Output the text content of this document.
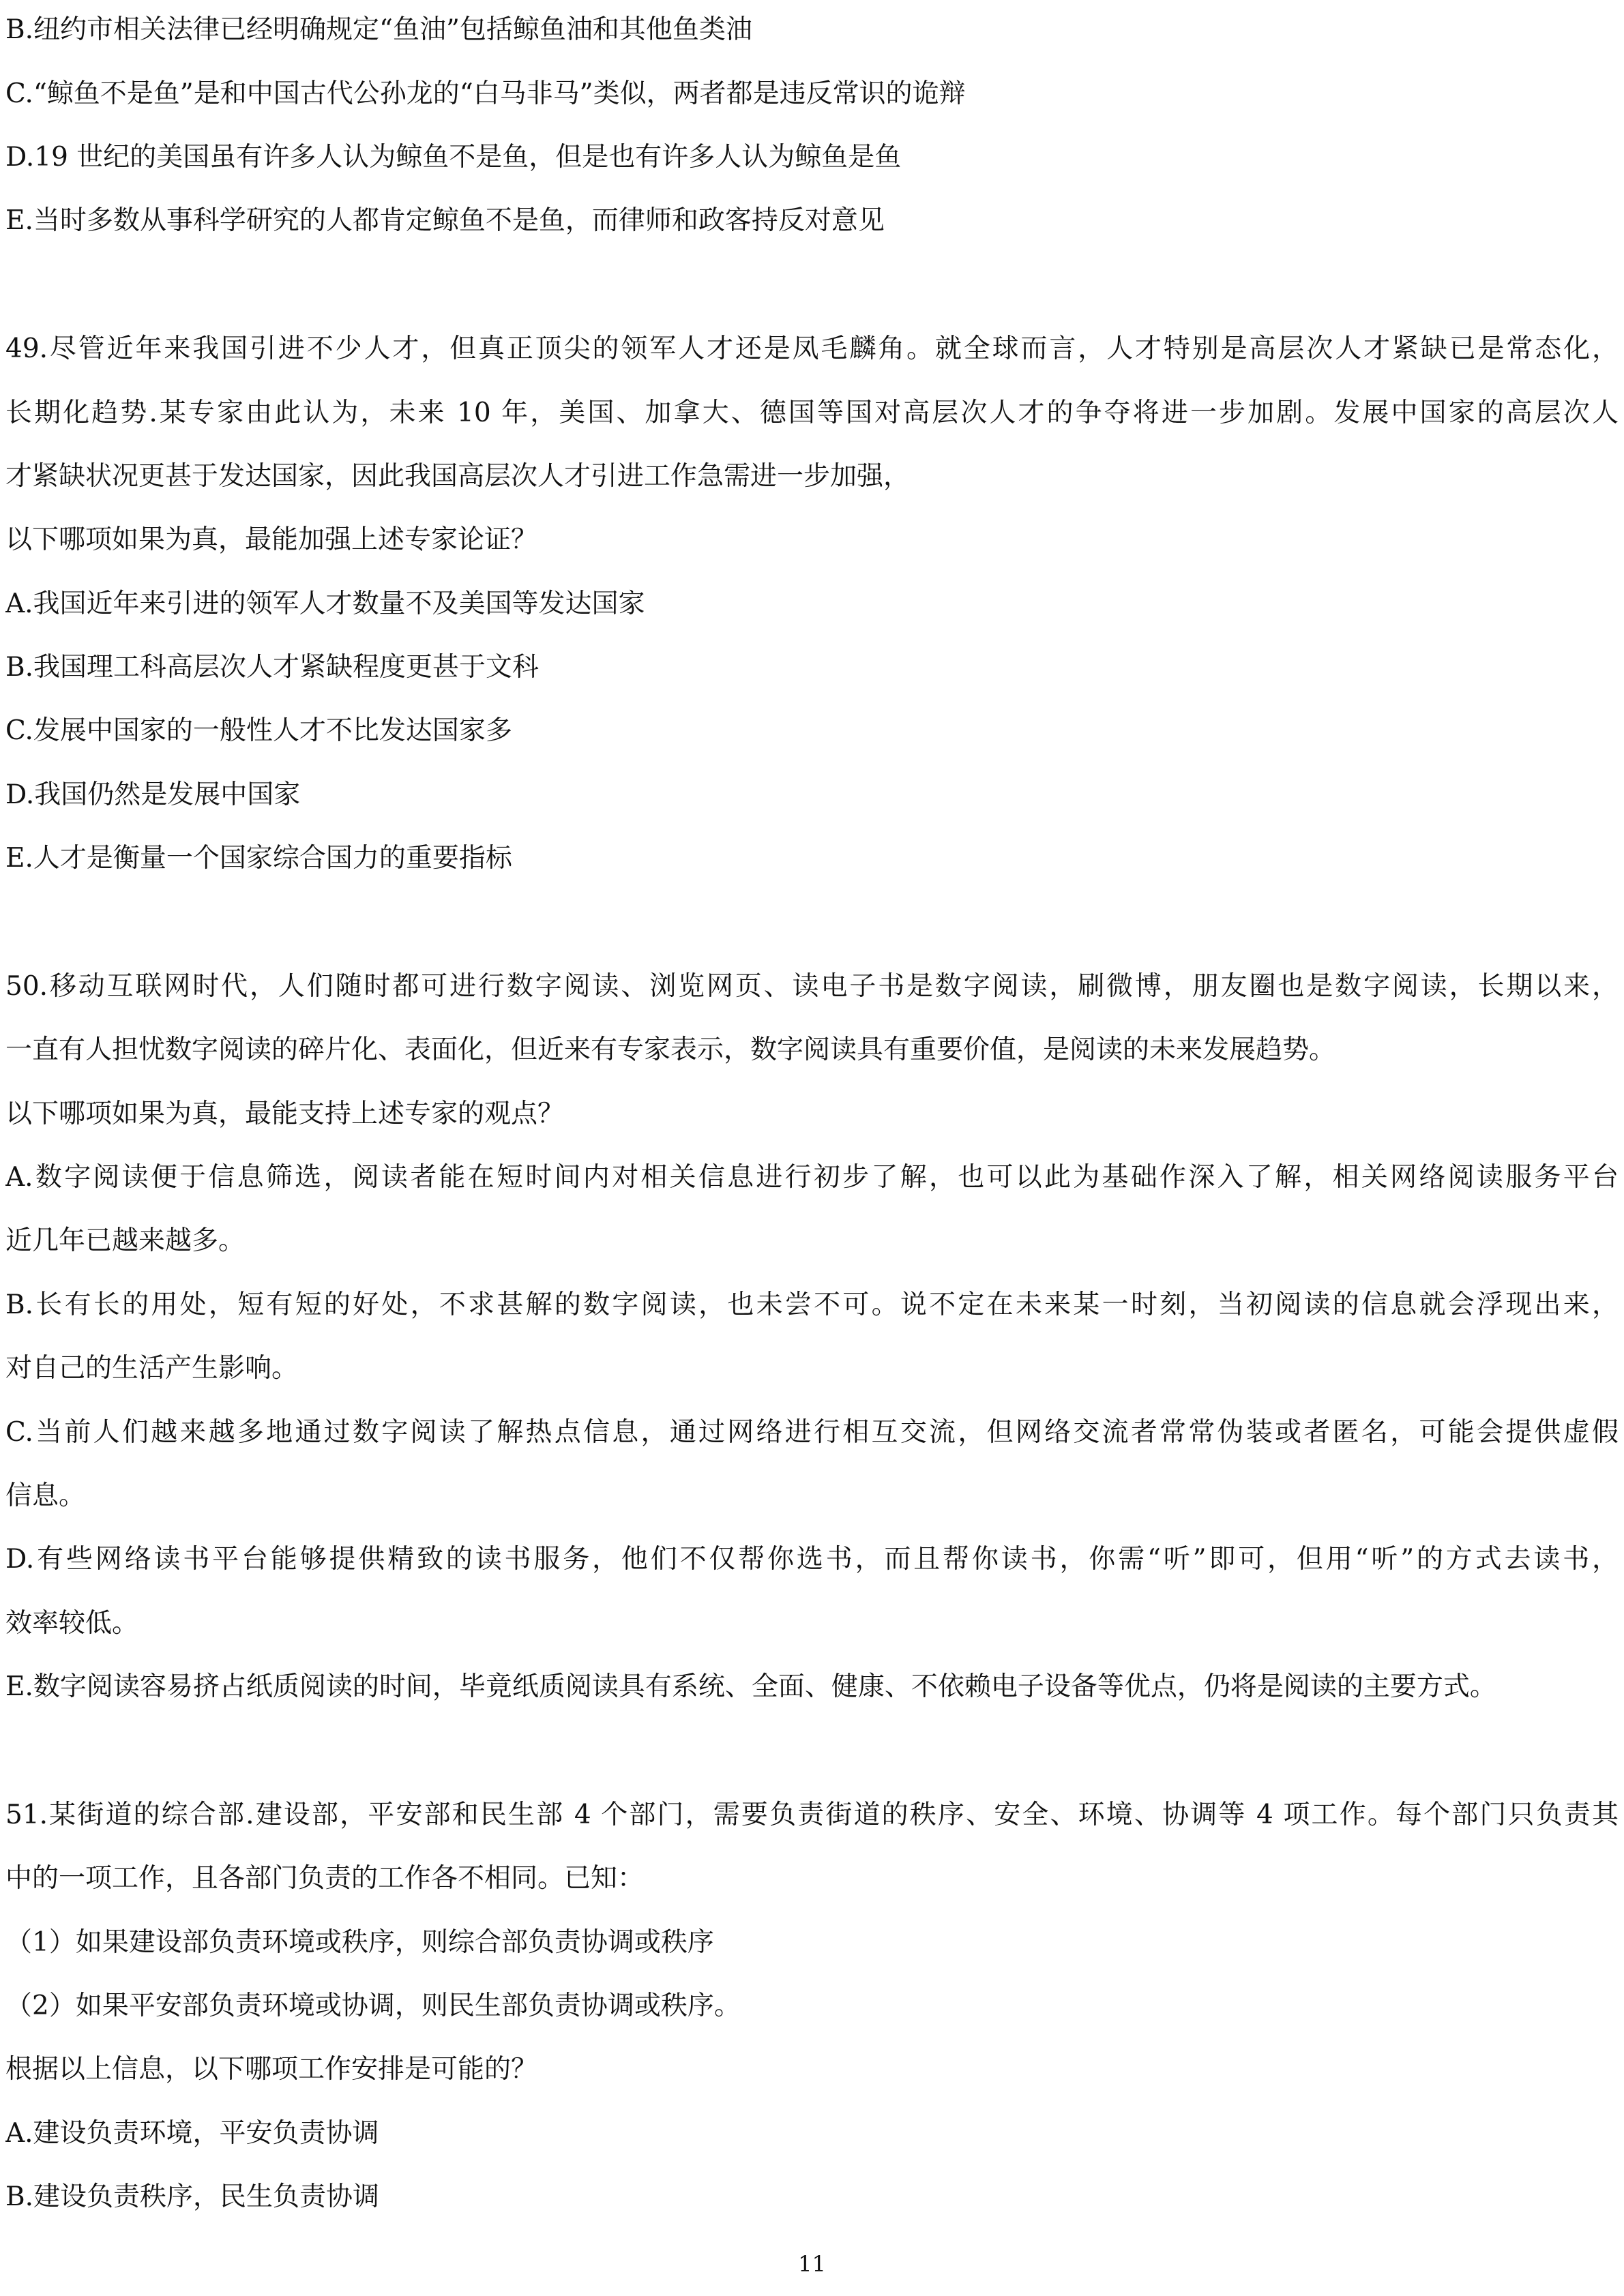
B.纽约市相关法律已经明确规定“鱼油”包括鲸鱼油和其他鱼类油
C.“鲸鱼不是鱼”是和中国古代公孙龙的“白马非马”类似，两者都是违反常识的诡辩
D.19 世纪的美国虽有许多人认为鲸鱼不是鱼，但是也有许多人认为鲸鱼是鱼
E.当时多数从事科学研究的人都肯定鲸鱼不是鱼，而律师和政客持反对意见
49.尽管近年来我国引进不少人才，但真正顶尖的领军人才还是凤毛麟角。就全球而言，人才特别是高层次人才紧缺已是常态化，
长期化趋势.某专家由此认为，未来 10 年，美国、加拿大、德国等国对高层次人才的争夺将进一步加剧。发展中国家的高层次人
才紧缺状况更甚于发达国家，因此我国高层次人才引进工作急需进一步加强，
以下哪项如果为真，最能加强上述专家论证？
A.我国近年来引进的领军人才数量不及美国等发达国家
B.我国理工科高层次人才紧缺程度更甚于文科
C.发展中国家的一般性人才不比发达国家多
D.我国仍然是发展中国家
E.人才是衡量一个国家综合国力的重要指标
50.移动互联网时代，人们随时都可进行数字阅读、浏览网页、读电子书是数字阅读，刷微博，朋友圈也是数字阅读，长期以来，
一直有人担忧数字阅读的碎片化、表面化，但近来有专家表示，数字阅读具有重要价值，是阅读的未来发展趋势。
以下哪项如果为真，最能支持上述专家的观点？
A.数字阅读便于信息筛选，阅读者能在短时间内对相关信息进行初步了解，也可以此为基础作深入了解，相关网络阅读服务平台
近几年已越来越多。
B.长有长的用处，短有短的好处，不求甚解的数字阅读，也未尝不可。说不定在未来某一时刻，当初阅读的信息就会浮现出来，
对自己的生活产生影响。
C.当前人们越来越多地通过数字阅读了解热点信息，通过网络进行相互交流，但网络交流者常常伪装或者匿名，可能会提供虚假
信息。
D.有些网络读书平台能够提供精致的读书服务，他们不仅帮你选书，而且帮你读书，你需“听”即可，但用“听”的方式去读书，
效率较低。
E.数字阅读容易挤占纸质阅读的时间，毕竟纸质阅读具有系统、全面、健康、不依赖电子设备等优点，仍将是阅读的主要方式。
51.某街道的综合部.建设部，平安部和民生部 4 个部门，需要负责街道的秩序、安全、环境、协调等 4 项工作。每个部门只负责其
中的一项工作，且各部门负责的工作各不相同。已知：
（1）如果建设部负责环境或秩序，则综合部负责协调或秩序
（2）如果平安部负责环境或协调，则民生部负责协调或秩序。
根据以上信息，以下哪项工作安排是可能的？
A.建设负责环境，平安负责协调
B.建设负责秩序，民生负责协调
11
